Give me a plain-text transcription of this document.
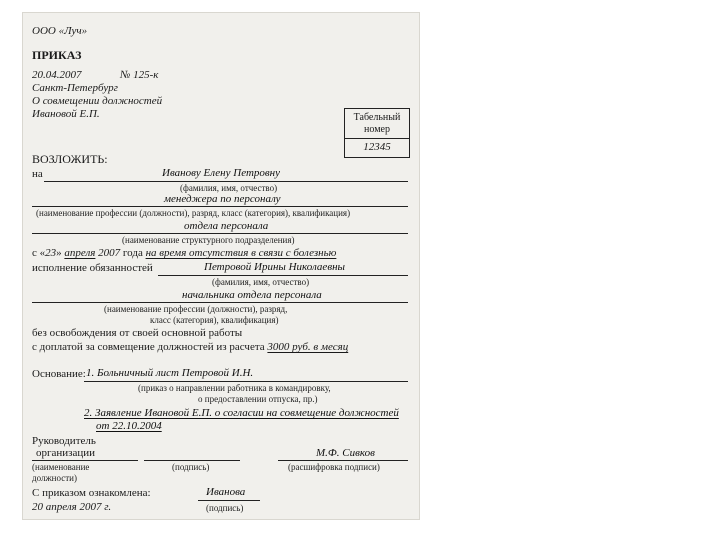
ООО «Луч»
ПРИКАЗ
20.04.2007	№ 125-к
Санкт-Петербург
О совмещении должностей
Ивановой Е.П.	Табельный
номер
12345
ВОЗЛОЖИТЬ:
на	Иванову Елену Петровну
(фамилия, имя, отчество)
менеджера по персоналу
(наименование профессии (должности), разряд, класс (категория), квалификация)
отдела персонала
(наименование структурного подразделения)
с «23» апреля 2007 года на время отсутствия в связи с болезнью
исполнение обязанностей	Петровой Ирины Николаевны
(фамилия, имя, отчество)
начальника отдела персонала
(наименование профессии (должности), разряд,
класс (категория), квалификация)
без освобождения от своей основной работы
с доплатой за совмещение должностей из расчета 3000 руб. в месяц
Основание: 1. Больничный лист Петровой И.Н.
(приказ о направлении работника в командировку,
о предоставлении отпуска, пр.)
2. Заявление Ивановой Е.П. о согласии на совмещение должностей
от 22.10.2004
Руководитель
организации	М.Ф. Сивков
(наименование
должности)
(подпись)	(расшифровка подписи)
С приказом ознакомлена:	Иванова
20 апреля 2007 г.	(подпись)
